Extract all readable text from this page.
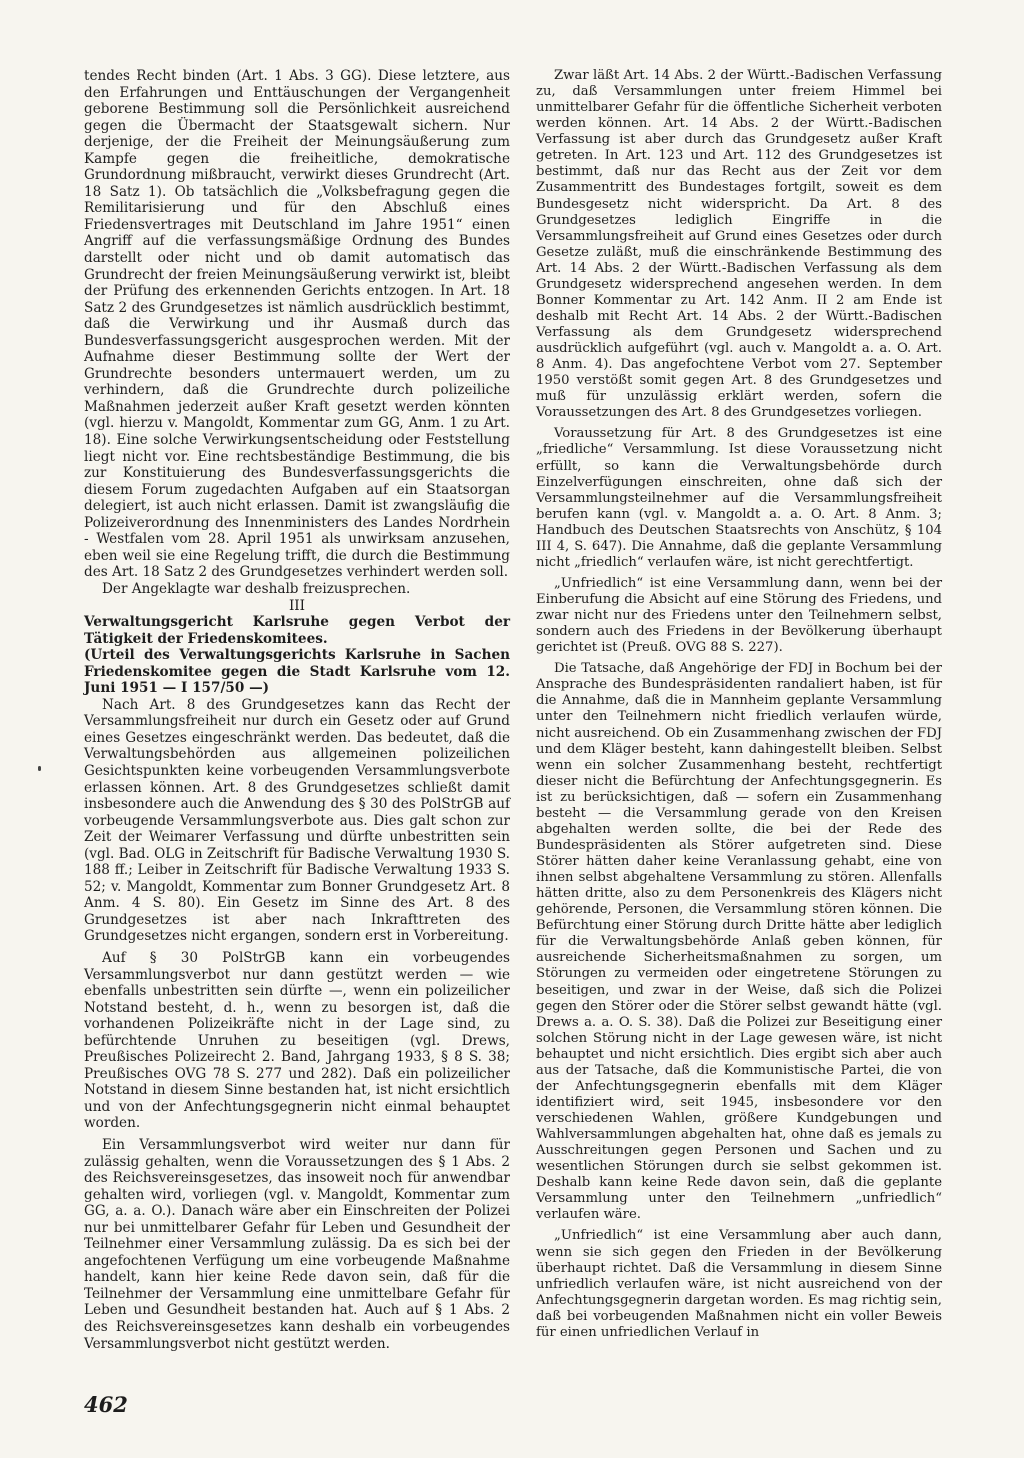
tendes Recht binden (Art. 1 Abs. 3 GG). Diese letztere, aus den Erfahrungen und Enttäuschungen der Vergangenheit geborene Bestimmung soll die Persönlichkeit ausreichend gegen die Übermacht der Staatsgewalt sichern. Nur derjenige, der die Freiheit der Meinungsäußerung zum Kampfe gegen die freiheitliche, demokratische Grundordnung mißbraucht, verwirkt dieses Grundrecht (Art. 18 Satz 1). Ob tatsächlich die „Volksbefragung gegen die Remilitarisierung und für den Abschluß eines Friedensvertrages mit Deutschland im Jahre 1951“ einen Angriff auf die verfassungsmäßige Ordnung des Bundes darstellt oder nicht und ob damit automatisch das Grundrecht der freien Meinungsäußerung verwirkt ist, bleibt der Prüfung des erkennenden Gerichts entzogen. In Art. 18 Satz 2 des Grundgesetzes ist nämlich ausdrücklich bestimmt, daß die Verwirkung und ihr Ausmaß durch das Bundesverfassungsgericht ausgesprochen werden. Mit der Aufnahme dieser Bestimmung sollte der Wert der Grundrechte besonders untermauert werden, um zu verhindern, daß die Grundrechte durch polizeiliche Maßnahmen jederzeit außer Kraft gesetzt werden könnten (vgl. hierzu v. Mangoldt, Kommentar zum GG, Anm. 1 zu Art. 18). Eine solche Verwirkungsentscheidung oder Feststellung liegt nicht vor. Eine rechtsbeständige Bestimmung, die bis zur Konstituierung des Bundesverfassungsgerichts die diesem Forum zugedachten Aufgaben auf ein Staatsorgan delegiert, ist auch nicht erlassen. Damit ist zwangsläufig die Polizeiverordnung des Innenministers des Landes Nordrhein - Westfalen vom 28. April 1951 als unwirksam anzusehen, eben weil sie eine Regelung trifft, die durch die Bestimmung des Art. 18 Satz 2 des Grundgesetzes verhindert werden soll.

Der Angeklagte war deshalb freizusprechen.

III

Verwaltungsgericht Karlsruhe gegen Verbot der Tätigkeit der Friedenskomitees.

(Urteil des Verwaltungsgerichts Karlsruhe in Sachen Friedenskomitee gegen die Stadt Karlsruhe vom 12. Juni 1951 — I 157/50 —)

Nach Art. 8 des Grundgesetzes kann das Recht der Versammlungsfreiheit nur durch ein Gesetz oder auf Grund eines Gesetzes eingeschränkt werden. Das bedeutet, daß die Verwaltungsbehörden aus allgemeinen polizeilichen Gesichtspunkten keine vorbeugenden Versammlungsverbote erlassen können. Art. 8 des Grundgesetzes schließt damit insbesondere auch die Anwendung des § 30 des PolStrGB auf vorbeugende Versammlungsverbote aus. Dies galt schon zur Zeit der Weimarer Verfassung und dürfte unbestritten sein (vgl. Bad. OLG in Zeitschrift für Badische Verwaltung 1930 S. 188 ff.; Leiber in Zeitschrift für Badische Verwaltung 1933 S. 52; v. Mangoldt, Kommentar zum Bonner Grundgesetz Art. 8 Anm. 4 S. 80). Ein Gesetz im Sinne des Art. 8 des Grundgesetzes ist aber nach Inkrafttreten des Grundgesetzes nicht ergangen, sondern erst in Vorbereitung.

Auf § 30 PolStrGB kann ein vorbeugendes Versammlungsverbot nur dann gestützt werden — wie ebenfalls unbestritten sein dürfte —, wenn ein polizeilicher Notstand besteht, d. h., wenn zu besorgen ist, daß die vorhandenen Polizeikräfte nicht in der Lage sind, zu befürchtende Unruhen zu beseitigen (vgl. Drews, Preußisches Polizeirecht 2. Band, Jahrgang 1933, § 8 S. 38; Preußisches OVG 78 S. 277 und 282). Daß ein polizeilicher Notstand in diesem Sinne bestanden hat, ist nicht ersichtlich und von der Anfechtungsgegnerin nicht einmal behauptet worden.

Ein Versammlungsverbot wird weiter nur dann für zulässig gehalten, wenn die Voraussetzungen des § 1 Abs. 2 des Reichsvereinsgesetzes, das insoweit noch für anwendbar gehalten wird, vorliegen (vgl. v. Mangoldt, Kommentar zum GG, a. a. O.). Danach wäre aber ein Einschreiten der Polizei nur bei unmittelbarer Gefahr für Leben und Gesundheit der Teilnehmer einer Versammlung zulässig. Da es sich bei der angefochtenen Verfügung um eine vorbeugende Maßnahme handelt, kann hier keine Rede davon sein, daß für die Teilnehmer der Versammlung eine unmittelbare Gefahr für Leben und Gesundheit bestanden hat. Auch auf § 1 Abs. 2 des Reichsvereinsgesetzes kann deshalb ein vorbeugendes Versammlungsverbot nicht gestützt werden.

Zwar läßt Art. 14 Abs. 2 der Württ.-Badischen Verfassung zu, daß Versammlungen unter freiem Himmel bei unmittelbarer Gefahr für die öffentliche Sicherheit verboten werden können. Art. 14 Abs. 2 der Württ.-Badischen Verfassung ist aber durch das Grundgesetz außer Kraft getreten. In Art. 123 und Art. 112 des Grundgesetzes ist bestimmt, daß nur das Recht aus der Zeit vor dem Zusammentritt des Bundestages fortgilt, soweit es dem Bundesgesetz nicht widerspricht. Da Art. 8 des Grundgesetzes lediglich Eingriffe in die Versammlungsfreiheit auf Grund eines Gesetzes oder durch Gesetze zuläßt, muß die einschränkende Bestimmung des Art. 14 Abs. 2 der Württ.-Badischen Verfassung als dem Grundgesetz widersprechend angesehen werden. In dem Bonner Kommentar zu Art. 142 Anm. II 2 am Ende ist deshalb mit Recht Art. 14 Abs. 2 der Württ.-Badischen Verfassung als dem Grundgesetz widersprechend ausdrücklich aufgeführt (vgl. auch v. Mangoldt a. a. O. Art. 8 Anm. 4). Das angefochtene Verbot vom 27. September 1950 verstößt somit gegen Art. 8 des Grundgesetzes und muß für unzulässig erklärt werden, sofern die Voraussetzungen des Art. 8 des Grundgesetzes vorliegen.

Voraussetzung für Art. 8 des Grundgesetzes ist eine „friedliche“ Versammlung. Ist diese Voraussetzung nicht erfüllt, so kann die Verwaltungsbehörde durch Einzelverfügungen einschreiten, ohne daß sich der Versammlungsteilnehmer auf die Versammlungsfreiheit berufen kann (vgl. v. Mangoldt a. a. O. Art. 8 Anm. 3; Handbuch des Deutschen Staatsrechts von Anschütz, § 104 III 4, S. 647). Die Annahme, daß die geplante Versammlung nicht „friedlich“ verlaufen wäre, ist nicht gerechtfertigt.

„Unfriedlich“ ist eine Versammlung dann, wenn bei der Einberufung die Absicht auf eine Störung des Friedens, und zwar nicht nur des Friedens unter den Teilnehmern selbst, sondern auch des Friedens in der Bevölkerung überhaupt gerichtet ist (Preuß. OVG 88 S. 227).

Die Tatsache, daß Angehörige der FDJ in Bochum bei der Ansprache des Bundespräsidenten randaliert haben, ist für die Annahme, daß die in Mannheim geplante Versammlung unter den Teilnehmern nicht friedlich verlaufen würde, nicht ausreichend. Ob ein Zusammenhang zwischen der FDJ und dem Kläger besteht, kann dahingestellt bleiben. Selbst wenn ein solcher Zusammenhang besteht, rechtfertigt dieser nicht die Befürchtung der Anfechtungsgegnerin. Es ist zu berücksichtigen, daß — sofern ein Zusammenhang besteht — die Versammlung gerade von den Kreisen abgehalten werden sollte, die bei der Rede des Bundespräsidenten als Störer aufgetreten sind. Diese Störer hätten daher keine Veranlassung gehabt, eine von ihnen selbst abgehaltene Versammlung zu stören. Allenfalls hätten dritte, also zu dem Personenkreis des Klägers nicht gehörende, Personen, die Versammlung stören können. Die Befürchtung einer Störung durch Dritte hätte aber lediglich für die Verwaltungsbehörde Anlaß geben können, für ausreichende Sicherheitsmaßnahmen zu sorgen, um Störungen zu vermeiden oder eingetretene Störungen zu beseitigen, und zwar in der Weise, daß sich die Polizei gegen den Störer oder die Störer selbst gewandt hätte (vgl. Drews a. a. O. S. 38). Daß die Polizei zur Beseitigung einer solchen Störung nicht in der Lage gewesen wäre, ist nicht behauptet und nicht ersichtlich. Dies ergibt sich aber auch aus der Tatsache, daß die Kommunistische Partei, die von der Anfechtungsgegnerin ebenfalls mit dem Kläger identifiziert wird, seit 1945, insbesondere vor den verschiedenen Wahlen, größere Kundgebungen und Wahlversammlungen abgehalten hat, ohne daß es jemals zu Ausschreitungen gegen Personen und Sachen und zu wesentlichen Störungen durch sie selbst gekommen ist. Deshalb kann keine Rede davon sein, daß die geplante Versammlung unter den Teilnehmern „unfriedlich“ verlaufen wäre.

„Unfriedlich“ ist eine Versammlung aber auch dann, wenn sie sich gegen den Frieden in der Bevölkerung überhaupt richtet. Daß die Versammlung in diesem Sinne unfriedlich verlaufen wäre, ist nicht ausreichend von der Anfechtungsgegnerin dargetan worden. Es mag richtig sein, daß bei vorbeugenden Maßnahmen nicht ein voller Beweis für einen unfriedlichen Verlauf in

462
